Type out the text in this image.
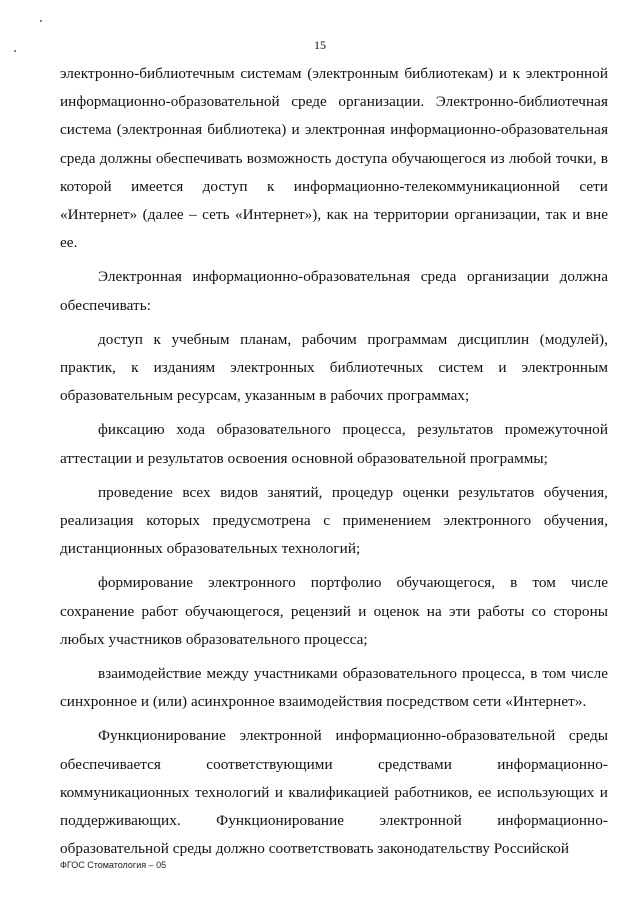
15

электронно-библиотечным системам (электронным библиотекам) и к электронной информационно-образовательной среде организации. Электронно-библиотечная система (электронная библиотека) и электронная информационно-образовательная среда должны обеспечивать возможность доступа обучающегося из любой точки, в которой имеется доступ к информационно-телекоммуникационной сети «Интернет» (далее – сеть «Интернет»), как на территории организации, так и вне ее.

Электронная информационно-образовательная среда организации должна обеспечивать:

доступ к учебным планам, рабочим программам дисциплин (модулей), практик, к изданиям электронных библиотечных систем и электронным образовательным ресурсам, указанным в рабочих программах;

фиксацию хода образовательного процесса, результатов промежуточной аттестации и результатов освоения основной образовательной программы;

проведение всех видов занятий, процедур оценки результатов обучения, реализация которых предусмотрена с применением электронного обучения, дистанционных образовательных технологий;

формирование электронного портфолио обучающегося, в том числе сохранение работ обучающегося, рецензий и оценок на эти работы со стороны любых участников образовательного процесса;

взаимодействие между участниками образовательного процесса, в том числе синхронное и (или) асинхронное взаимодействия посредством сети «Интернет».

Функционирование электронной информационно-образовательной среды обеспечивается соответствующими средствами информационно-коммуникационных технологий и квалификацией работников, ее использующих и поддерживающих. Функционирование электронной информационно-образовательной среды должно соответствовать законодательству Российской

ФГОС Стоматология – 05
